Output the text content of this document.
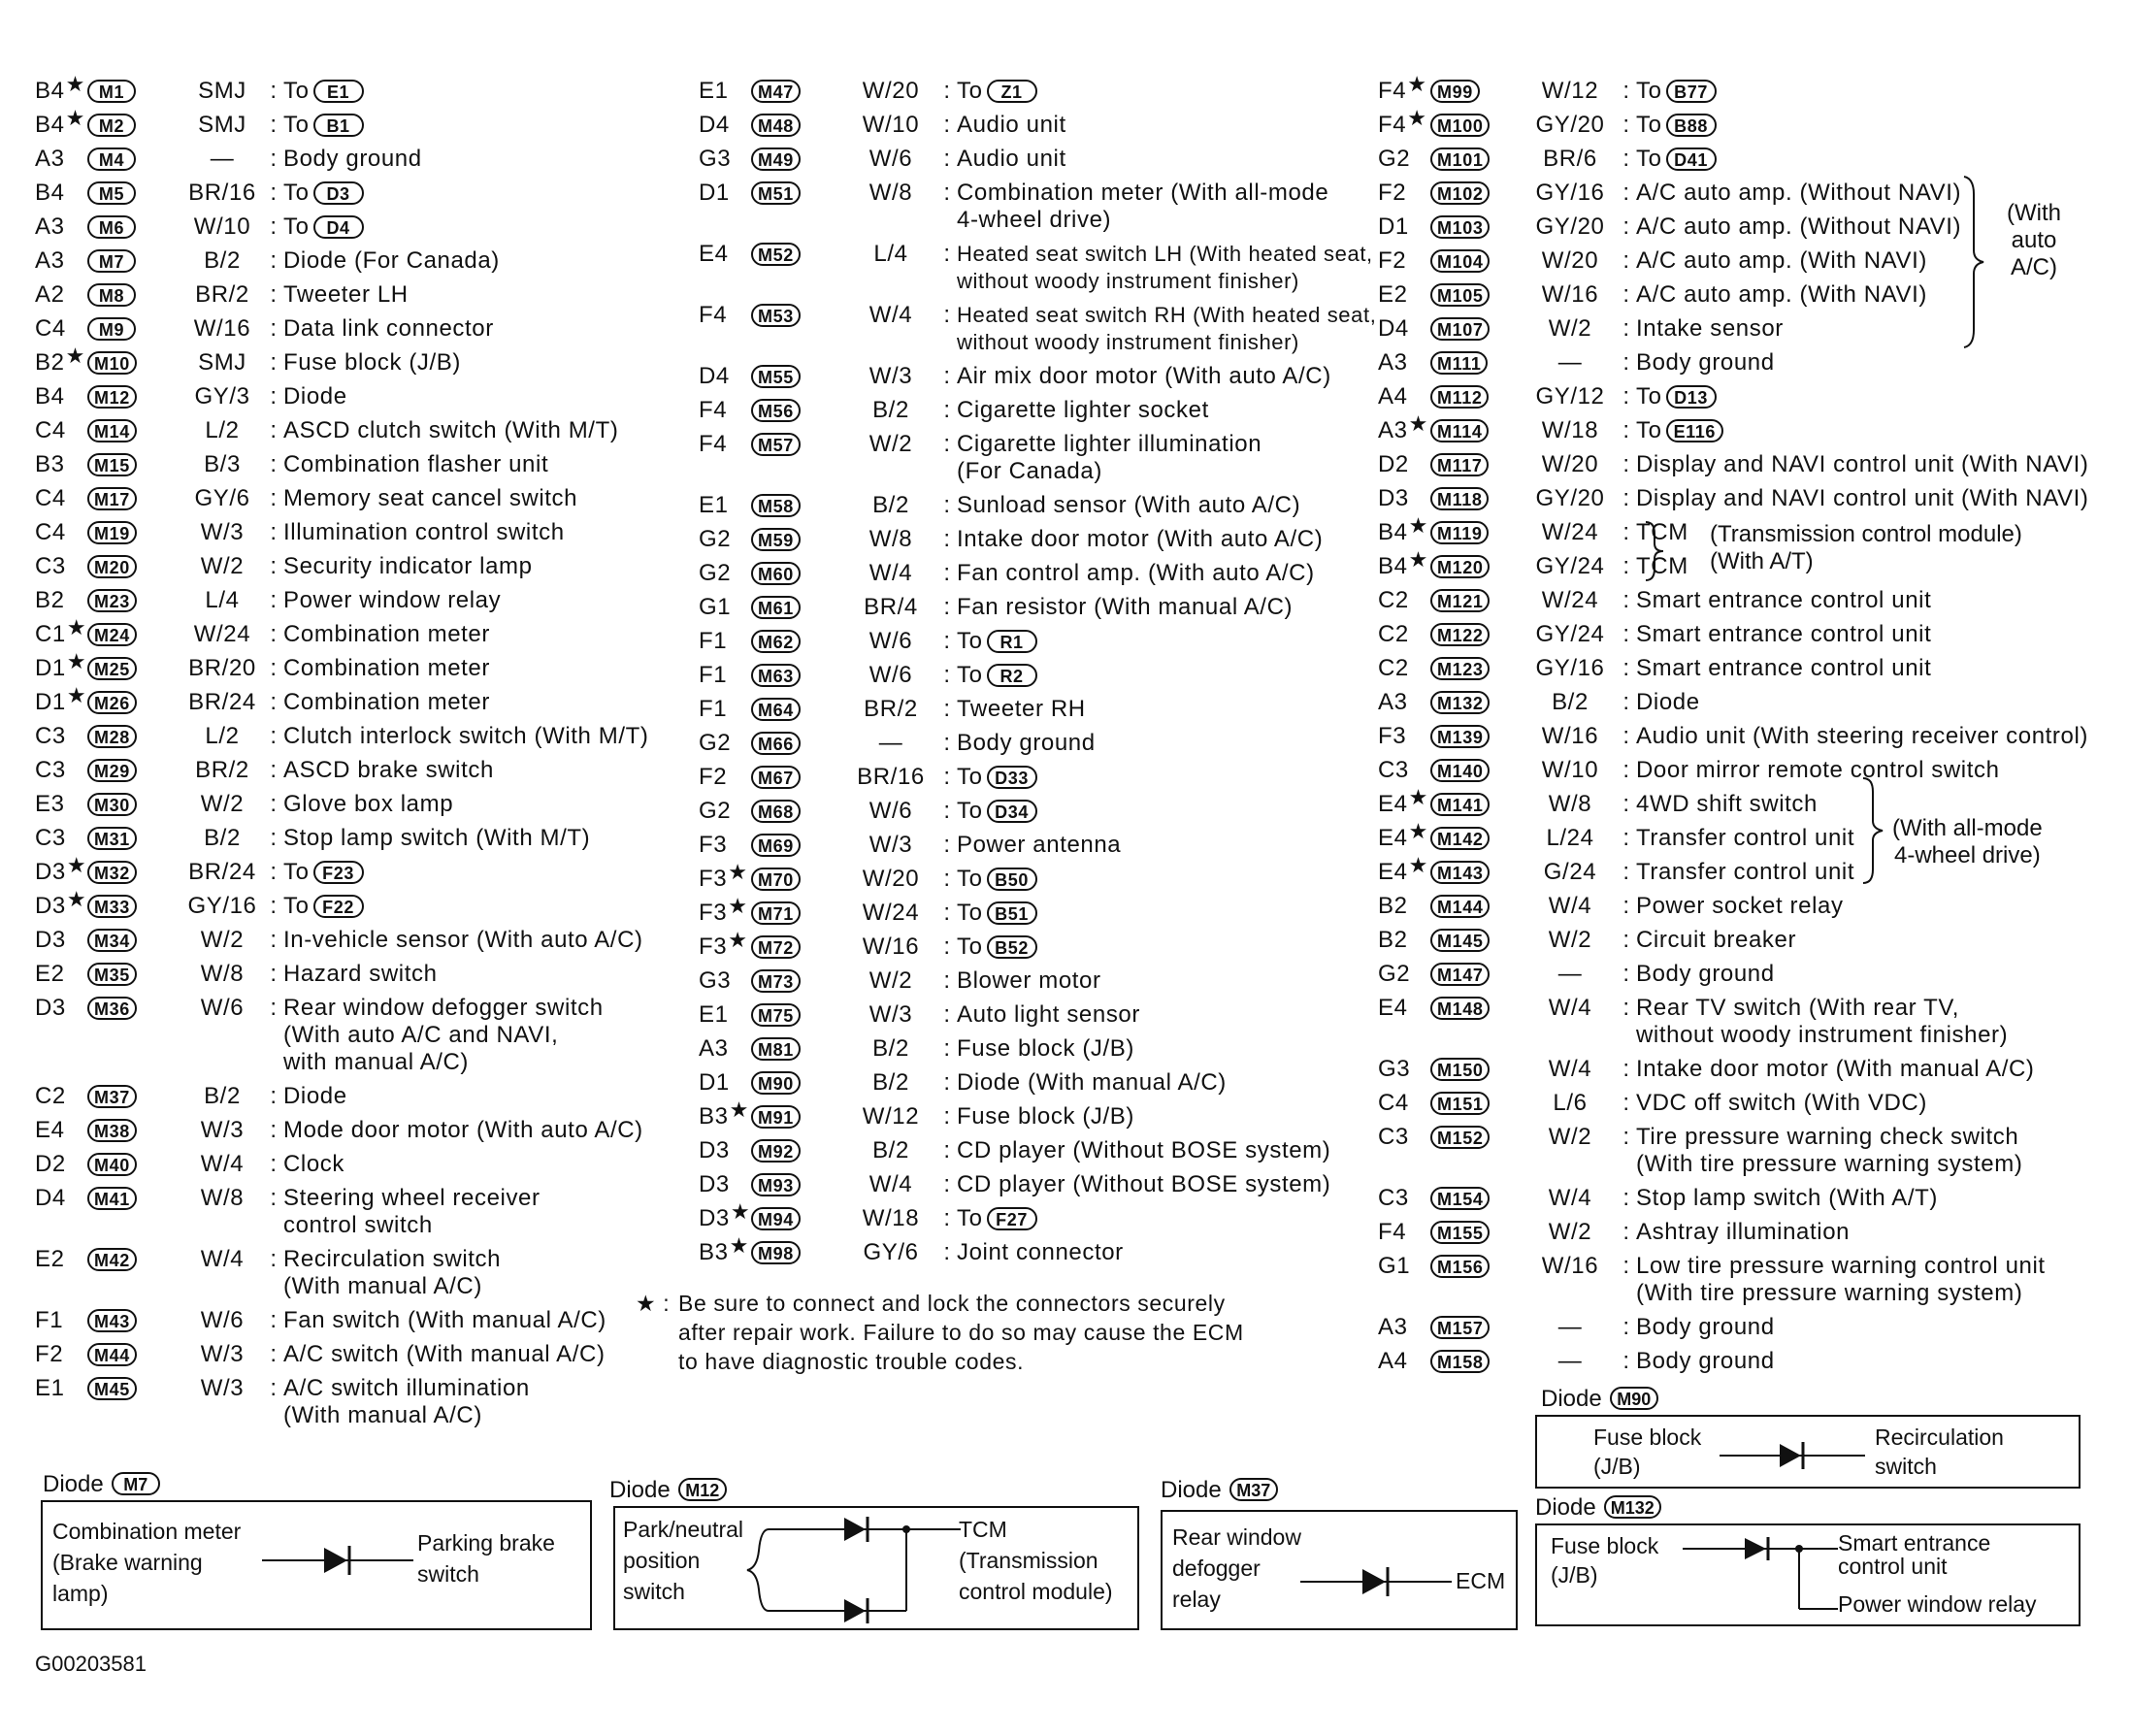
B4★ M1	SMJ	: To E1
B4★ M2	SMJ	: To B1
A3	M4	—	: Body ground
B4	M5	BR/16 : To D3
A3	M6	W/10 : To D4
A3	M7	B/2	: Diode (For Canada)
A2	M8	BR/2 : Tweeter LH
C4	M9	W/16 : Data link connector
B2★ M10	SMJ	: Fuse block (J/B)
B4	M12	GY/3 : Diode
C4	M14	L/2	: ASCD clutch switch (With M/T)
B3	M15	B/3	: Combination flasher unit
C4	M17	GY/6 : Memory seat cancel switch
C4	M19	W/3	: Illumination control switch
C3	M20	W/2	: Security indicator lamp
B2	M23	L/4	: Power window relay
C1★ M24	W/24 : Combination meter
D1★ M25	BR/20 : Combination meter
D1★ M26	BR/24 : Combination meter
C3	M28	L/2	: Clutch interlock switch (With M/T)
C3	M29	BR/2 : ASCD brake switch
E3	M30	W/2	: Glove box lamp
C3	M31	B/2	: Stop lamp switch (With M/T)
D3★ M32	BR/24 : To F23
D3★ M33	GY/16 : To F22
D3	M34	W/2	: In-vehicle sensor (With auto A/C)
E2	M35	W/8	: Hazard switch
D3	M36	W/6	: Rear window defogger switch
(With auto A/C and NAVI,
with manual A/C)
C2	M37	B/2	: Diode
E4	M38	W/3	: Mode door motor (With auto A/C)
D2	M40	W/4	: Clock
D4	M41	W/8	: Steering wheel receiver
control switch
E2	M42	W/4	: Recirculation switch
(With manual A/C)
F1	M43	W/6	: Fan switch (With manual A/C)
F2	M44	W/3	: A/C switch (With manual A/C)
E1	M45	W/3	: A/C switch illumination
(With manual A/C)
E1	M47	W/20	: To Z1
D4	M48	W/10	: Audio unit
G3	M49	W/6	: Audio unit
D1	M51	W/8	: Combination meter (With all-mode
4-wheel drive)
E4	M52	L/4	: Heated seat switch LH (With heated seat,
without woody instrument finisher)
F4	M53	W/4	: Heated seat switch RH (With heated seat,
without woody instrument finisher)
D4	M55	W/3	: Air mix door motor (With auto A/C)
F4	M56	B/2	: Cigarette lighter socket
F4	M57	W/2	: Cigarette lighter illumination
(For Canada)
E1	M58	B/2	: Sunload sensor (With auto A/C)
G2	M59	W/8	: Intake door motor (With auto A/C)
G2	M60	W/4	: Fan control amp. (With auto A/C)
G1	M61	BR/4	: Fan resistor (With manual A/C)
F1	M62	W/6	: To R1
F1	M63	W/6	: To R2
F1	M64	BR/2	: Tweeter RH
G2	M66	—	: Body ground
F2	M67	BR/16 : To D33
G2	M68	W/6	: To D34
F3	M69	W/3	: Power antenna
F3★ M70	W/20	: To B50
F3★ M71	W/24	: To B51
F3★ M72	W/16	: To B52
G3	M73	W/2	: Blower motor
E1	M75	W/3	: Auto light sensor
A3	M81	B/2	: Fuse block (J/B)
D1	M90	B/2	: Diode (With manual A/C)
B3★ M91	W/12	: Fuse block (J/B)
D3	M92	B/2	: CD player (Without BOSE system)
D3	M93	W/4	: CD player (Without BOSE system)
D3★ M94	W/18	: To F27
B3★ M98	GY/6	: Joint connector
F4★ M99	W/12	: To B77
F4★ M100	GY/20 : To B88
G2	M101	BR/6	: To D41
F2	M102	GY/16 : A/C auto amp. (Without NAVI)
D1	M103	GY/20 : A/C auto amp. (Without NAVI)
F2	M104	W/20	: A/C auto amp. (With NAVI)
E2	M105	W/16	: A/C auto amp. (With NAVI)
D4	M107	W/2	: Intake sensor
A3	M111	—	: Body ground
A4	M112	GY/12 : To D13
A3★ M114	W/18	: To E116
D2	M117	W/20	: Display and NAVI control unit (With NAVI)
D3	M118	GY/20 : Display and NAVI control unit (With NAVI)
B4★ M119	W/24	: TCM
B4★ M120	GY/24 : TCM
C2	M121	W/24	: Smart entrance control unit
C2	M122	GY/24 : Smart entrance control unit
C2	M123	GY/16 : Smart entrance control unit
A3	M132	B/2	: Diode
F3	M139	W/16	: Audio unit (With steering receiver control)
C3	M140	W/10	: Door mirror remote control switch
E4★ M141	W/8	: 4WD shift switch
E4★ M142	L/24	: Transfer control unit
E4★ M143	G/24	: Transfer control unit
B2	M144	W/4	: Power socket relay
B2	M145	W/2	: Circuit breaker
G2	M147	—	: Body ground
E4	M148	W/4	: Rear TV switch (With rear TV,
without woody instrument finisher)
G3	M150	W/4	: Intake door motor (With manual A/C)
C4	M151	L/6	: VDC off switch (With VDC)
C3	M152	W/2	: Tire pressure warning check switch
(With tire pressure warning system)
C3	M154	W/4	: Stop lamp switch (With A/T)
F4	M155	W/2	: Ashtray illumination
G1	M156	W/16	: Low tire pressure warning control unit
(With tire pressure warning system)
A3	M157	—	: Body ground
A4	M158	—	: Body ground
(With
auto
A/C)
(Transmission control module)
(With A/T)
(With all-mode
4-wheel drive)
★ : Be sure to connect and lock the connectors securely
after repair work. Failure to do so may cause the ECM
to have diagnostic trouble codes.
Diode M90
Fuse block
(J/B)
Recirculation
switch
Diode M132
Fuse block
(J/B)
Smart entrance
control unit
Power window relay
Diode M7
Combination meter
(Brake warning
lamp)
Parking brake
switch
Diode M12
Park/neutral
position
switch
TCM
(Transmission
control module)
Diode M37
Rear window
defogger
relay
ECM
G00203581
